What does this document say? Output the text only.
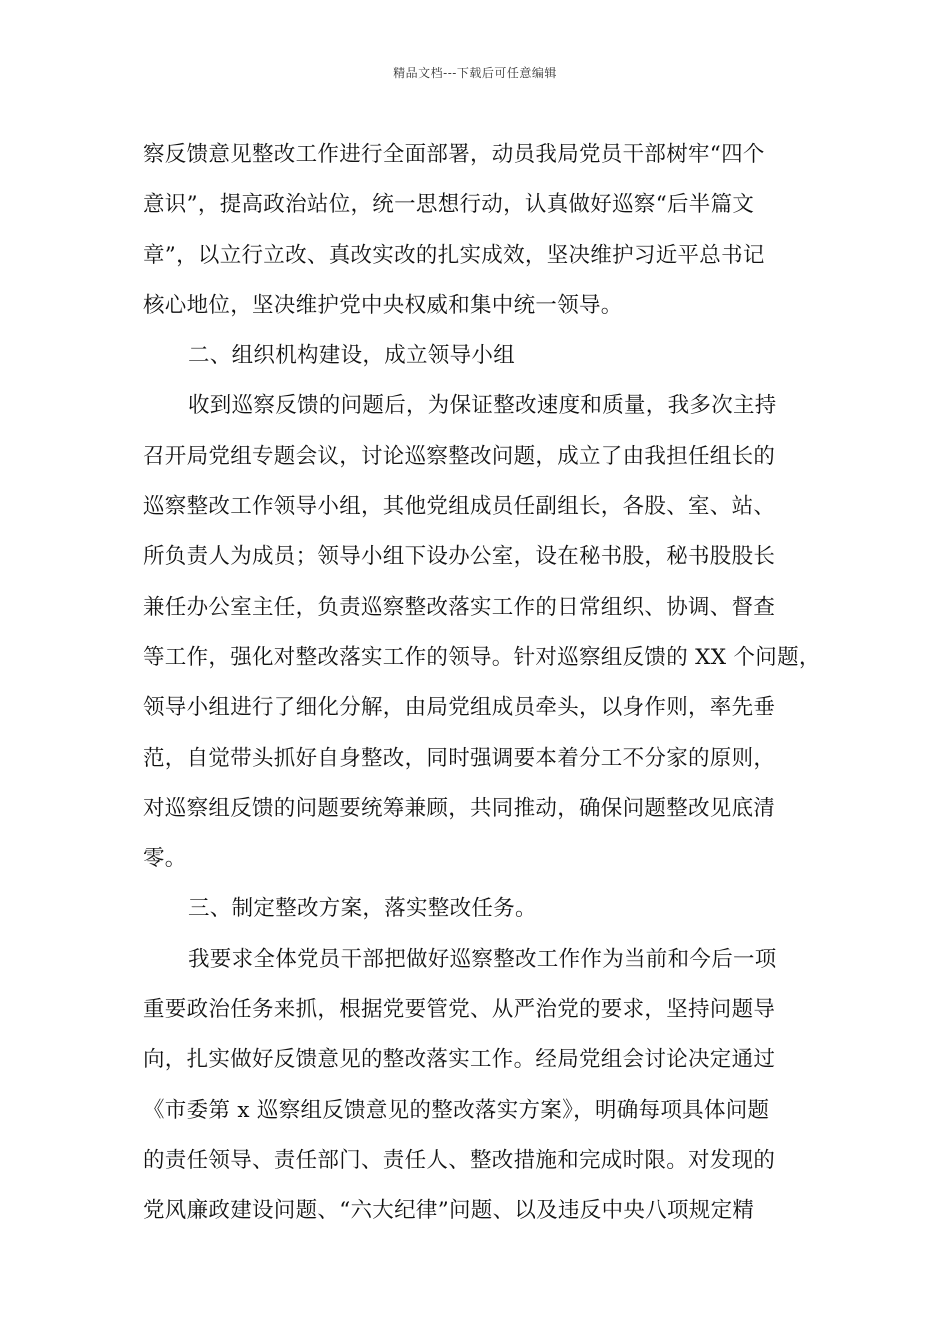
精品文档---下载后可任意编辑
察反馈意见整改工作进行全面部署，动员我局党员干部树牢“四个
意识”，提高政治站位，统一思想行动，认真做好巡察“后半篇文
章”，以立行立改、真改实改的扎实成效，坚决维护习近平总书记
核心地位，坚决维护党中央权威和集中统一领导。
二、组织机构建设，成立领导小组
收到巡察反馈的问题后，为保证整改速度和质量，我多次主持
召开局党组专题会议，讨论巡察整改问题，成立了由我担任组长的
巡察整改工作领导小组，其他党组成员任副组长，各股、室、站、
所负责人为成员；领导小组下设办公室，设在秘书股，秘书股股长
兼任办公室主任，负责巡察整改落实工作的日常组织、协调、督查
等工作，强化对整改落实工作的领导。针对巡察组反馈的 XX 个问题，
领导小组进行了细化分解，由局党组成员牵头，以身作则，率先垂
范，自觉带头抓好自身整改，同时强调要本着分工不分家的原则，
对巡察组反馈的问题要统筹兼顾，共同推动，确保问题整改见底清
零。
三、制定整改方案，落实整改任务。
我要求全体党员干部把做好巡察整改工作作为当前和今后一项
重要政治任务来抓，根据党要管党、从严治党的要求，坚持问题导
向，扎实做好反馈意见的整改落实工作。经局党组会讨论决定通过
《市委第 x 巡察组反馈意见的整改落实方案》，明确每项具体问题
的责任领导、责任部门、责任人、整改措施和完成时限。对发现的
党风廉政建设问题、“六大纪律”问题、以及违反中央八项规定精
